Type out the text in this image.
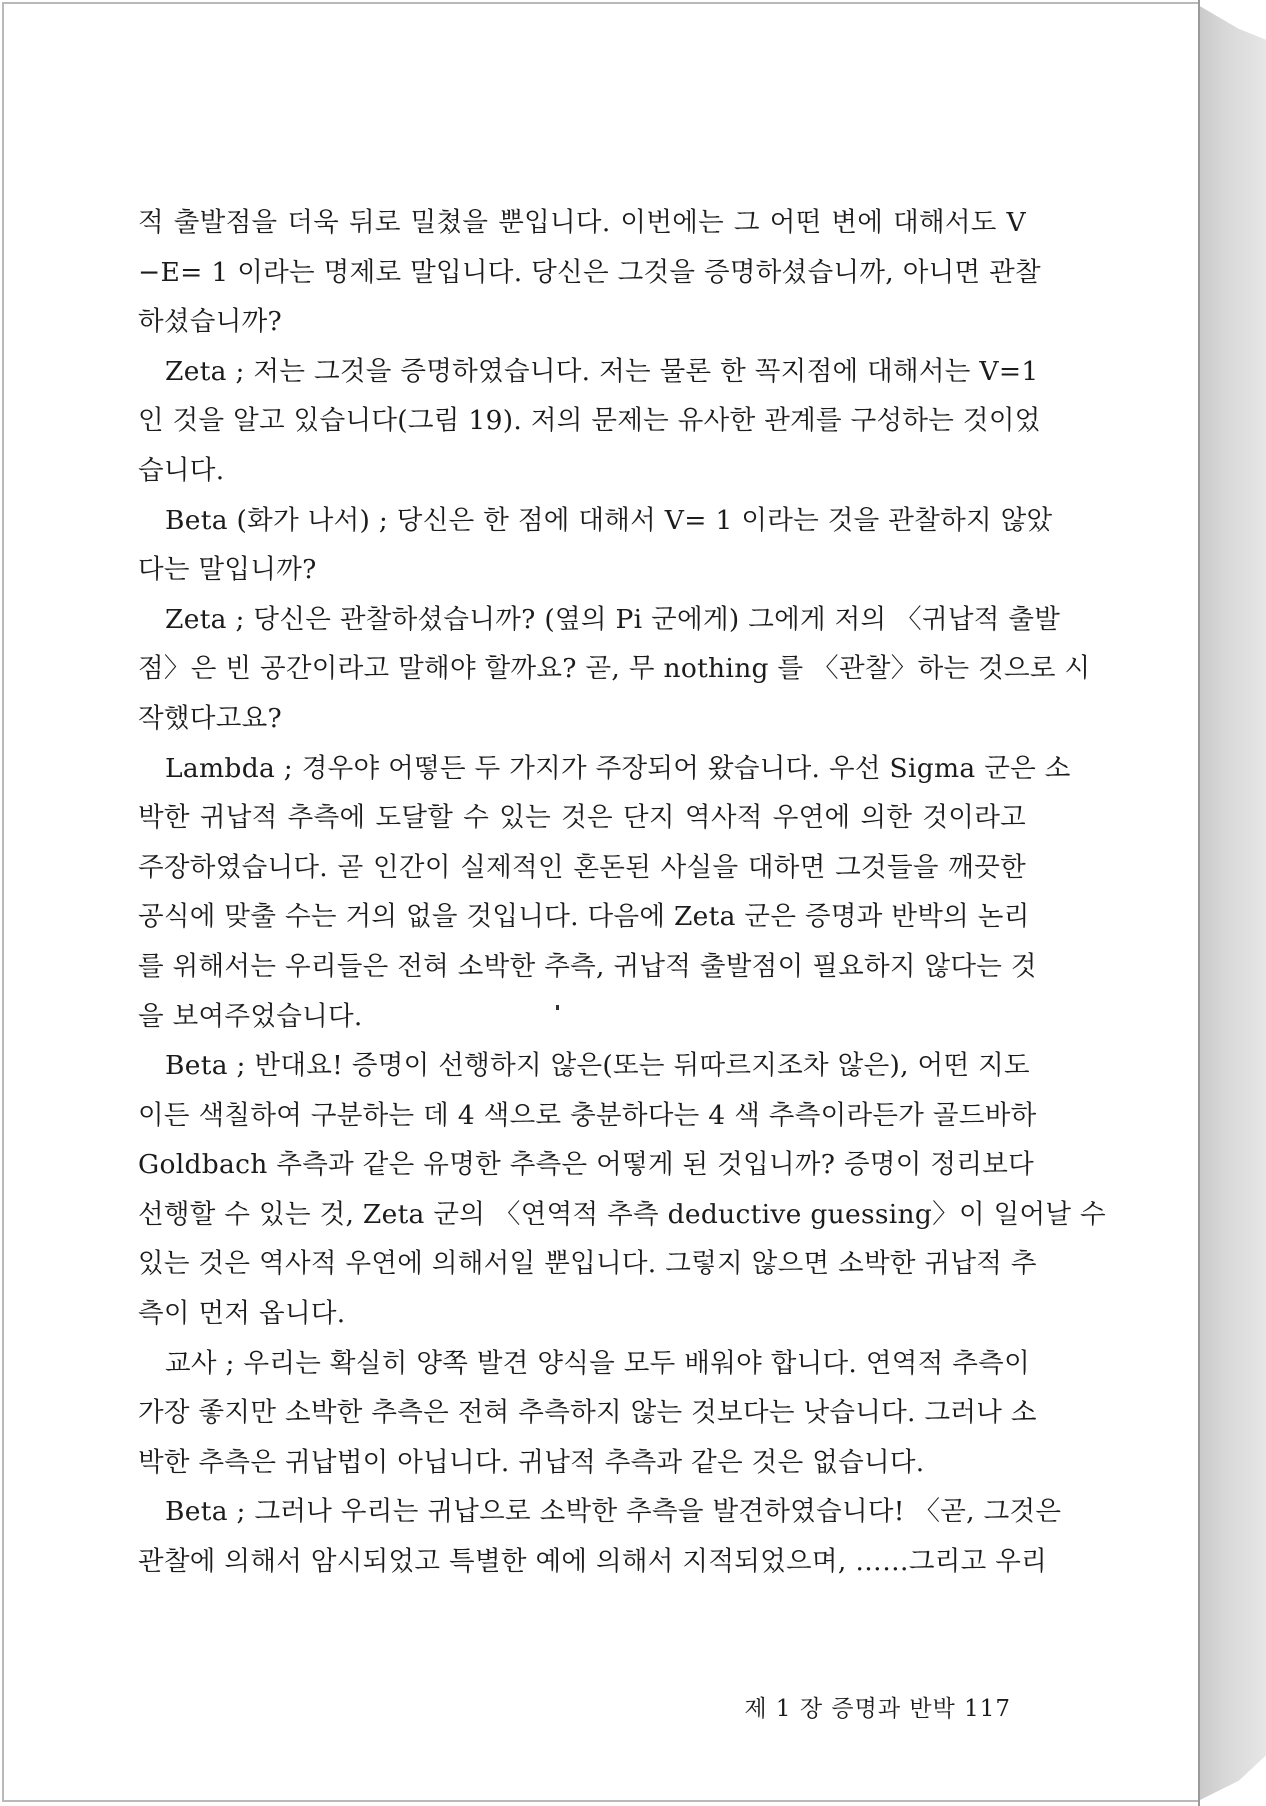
적 출발점을 더욱 뒤로 밀쳤을 뿐입니다. 이번에는 그 어떤 변에 대해서도 V
−E= 1 이라는 명제로 말입니다. 당신은 그것을 증명하셨습니까, 아니면 관찰
하셨습니까?
Zeta ; 저는 그것을 증명하였습니다. 저는 물론 한 꼭지점에 대해서는 V=1
인 것을 알고 있습니다(그림 19). 저의 문제는 유사한 관계를 구성하는 것이었
습니다.
Beta (화가 나서) ; 당신은 한 점에 대해서 V= 1 이라는 것을 관찰하지 않았
다는 말입니까?
Zeta ; 당신은 관찰하셨습니까? (옆의 Pi 군에게) 그에게 저의 〈귀납적 출발
점〉은 빈 공간이라고 말해야 할까요? 곧, 무 nothing 를 〈관찰〉하는 것으로 시
작했다고요?
Lambda ; 경우야 어떻든 두 가지가 주장되어 왔습니다. 우선 Sigma 군은 소
박한 귀납적 추측에 도달할 수 있는 것은 단지 역사적 우연에 의한 것이라고
주장하였습니다. 곧 인간이 실제적인 혼돈된 사실을 대하면 그것들을 깨끗한
공식에 맞출 수는 거의 없을 것입니다. 다음에 Zeta 군은 증명과 반박의 논리
를 위해서는 우리들은 전혀 소박한 추측, 귀납적 출발점이 필요하지 않다는 것
을 보여주었습니다.
Beta ; 반대요! 증명이 선행하지 않은(또는 뒤따르지조차 않은), 어떤 지도
이든 색칠하여 구분하는 데 4 색으로 충분하다는 4 색 추측이라든가 골드바하
Goldbach 추측과 같은 유명한 추측은 어떻게 된 것입니까? 증명이 정리보다
선행할 수 있는 것, Zeta 군의 〈연역적 추측 deductive guessing〉이 일어날 수
있는 것은 역사적 우연에 의해서일 뿐입니다. 그렇지 않으면 소박한 귀납적 추
측이 먼저 옵니다.
교사 ; 우리는 확실히 양쪽 발견 양식을 모두 배워야 합니다. 연역적 추측이
가장 좋지만 소박한 추측은 전혀 추측하지 않는 것보다는 낫습니다. 그러나 소
박한 추측은 귀납법이 아닙니다. 귀납적 추측과 같은 것은 없습니다.
Beta ; 그러나 우리는 귀납으로 소박한 추측을 발견하였습니다! 〈곧, 그것은
관찰에 의해서 암시되었고 특별한 예에 의해서 지적되었으며, ……그리고 우리
제 1 장 증명과 반박 117
